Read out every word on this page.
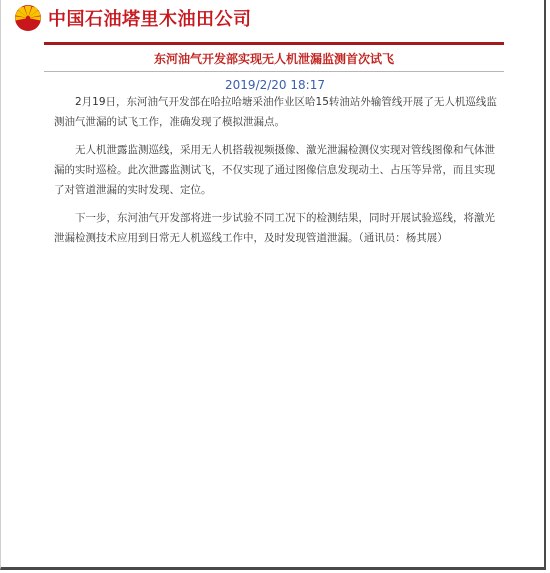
中国石油塔里木油田公司
东河油气开发部实现无人机泄漏监测首次试飞
2019/2/20 18:17

2月19日，东河油气开发部在哈拉哈塘采油作业区哈15转油站外输管线开展了无人机巡线监测油气泄漏的试飞工作，准确发现了模拟泄漏点。

无人机泄露监测巡线，采用无人机搭载视频摄像、激光泄漏检测仪实现对管线图像和气体泄漏的实时巡检。此次泄露监测试飞，不仅实现了通过图像信息发现动土、占压等异常，而且实现了对管道泄漏的实时发现、定位。

下一步，东河油气开发部将进一步试验不同工况下的检测结果，同时开展试验巡线，将激光泄漏检测技术应用到日常无人机巡线工作中，及时发现管道泄漏。（通讯员：杨其展）
